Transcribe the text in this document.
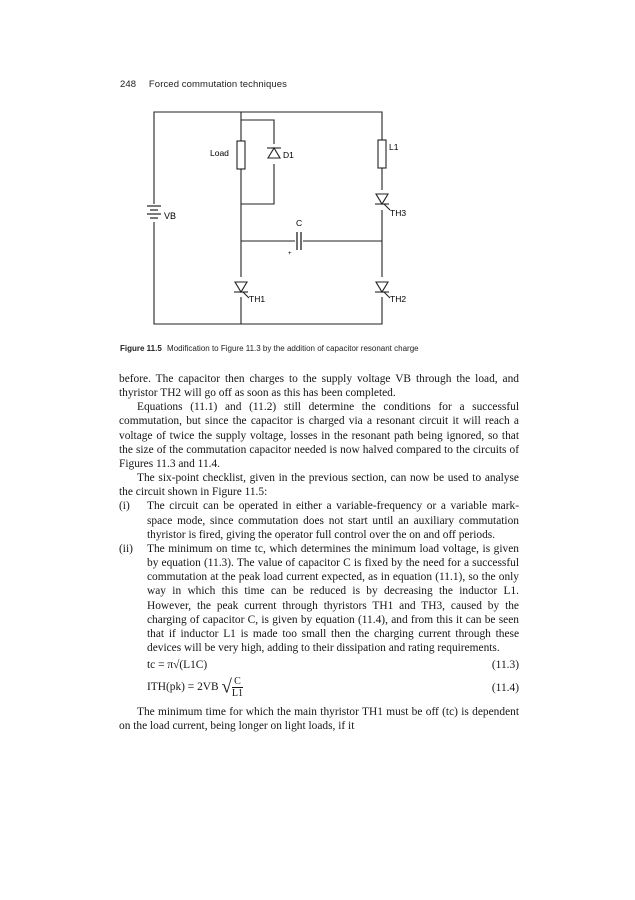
248 Forced commutation techniques
VB
Load	D1
L1
TH3
C
+
TH1	TH2
Figure 11.5 Modification to Figure 11.3 by the addition of capacitor resonant charge

before. The capacitor then charges to the supply voltage VB through the load, and thyristor TH2 will go off as soon as this has been completed.

Equations (11.1) and (11.2) still determine the conditions for a successful commutation, but since the capacitor is charged via a resonant circuit it will reach a voltage of twice the supply voltage, losses in the resonant path being ignored, so that the size of the commutation capacitor needed is now halved compared to the circuits of Figures 11.3 and 11.4.

The six-point checklist, given in the previous section, can now be used to analyse the circuit shown in Figure 11.5:

(i)	The circuit can be operated in either a variable-frequency or a variable mark-space mode, since commutation does not start until an auxiliary commutation thyristor is fired, giving the operator full control over the on and off periods.
(ii)	The minimum on time tc, which determines the minimum load voltage, is given by equation (11.3). The value of capacitor C is fixed by the need for a successful commutation at the peak load current expected, as in equation (11.1), so the only way in which this time can be reduced is by decreasing the inductor L1. However, the peak current through thyristors TH1 and TH3, caused by the charging of capacitor C, is given by equation (11.4), and from this it can be seen that if inductor L1 is made too small then the charging current through these devices will be very high, adding to their dissipation and rating requirements.
tc = π√(L1C)	(11.3)
ITH(pk) = 2VB √ $\frac{C}{L1}$	(11.4)

The minimum time for which the main thyristor TH1 must be off (tc) is dependent on the load current, being longer on light loads, if it
